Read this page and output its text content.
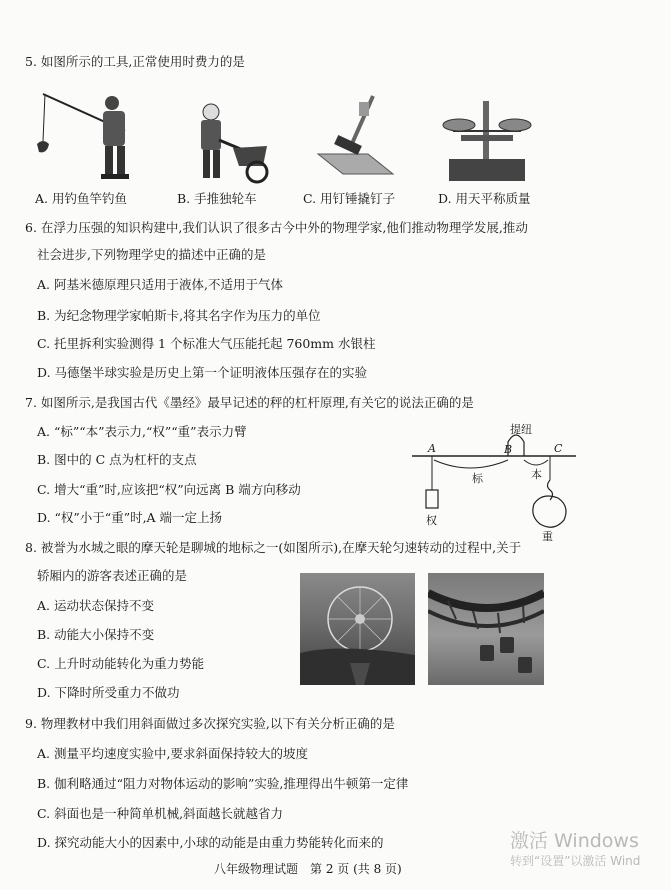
5. 如图所示的工具,正常使用时费力的是
A. 用钓鱼竿钓鱼	B. 手推独轮车	C. 用钉锤撬钉子	D. 用天平称质量
6. 在浮力压强的知识构建中,我们认识了很多古今中外的物理学家,他们推动物理学发展,推动
社会进步,下列物理学史的描述中正确的是
A. 阿基米德原理只适用于液体,不适用于气体
B. 为纪念物理学家帕斯卡,将其名字作为压力的单位
C. 托里拆利实验测得 1 个标准大气压能托起 760mm 水银柱
D. 马德堡半球实验是历史上第一个证明液体压强存在的实验
7. 如图所示,是我国古代《墨经》最早记述的秤的杠杆原理,有关它的说法正确的是
A. “标”“本”表示力,“权”“重”表示力臂
B. 图中的 C 点为杠杆的支点
C. 增大“重”时,应该把“权”向远离 B 端方向移动
D. “权”小于“重”时,A 端一定上扬
A	B	C
提纽
标	本
权
重
8. 被誉为水城之眼的摩天轮是聊城的地标之一(如图所示),在摩天轮匀速转动的过程中,关于
轿厢内的游客表述正确的是
A. 运动状态保持不变
B. 动能大小保持不变
C. 上升时动能转化为重力势能
D. 下降时所受重力不做功
9. 物理教材中我们用斜面做过多次探究实验,以下有关分析正确的是
A. 测量平均速度实验中,要求斜面保持较大的坡度
B. 伽利略通过“阻力对物体运动的影响”实验,推理得出牛顿第一定律
C. 斜面也是一种简单机械,斜面越长就越省力
D. 探究动能大小的因素中,小球的动能是由重力势能转化而来的
八年级物理试题　第 2 页 (共 8 页)
激活 Windows
转到“设置”以激活 Wind
